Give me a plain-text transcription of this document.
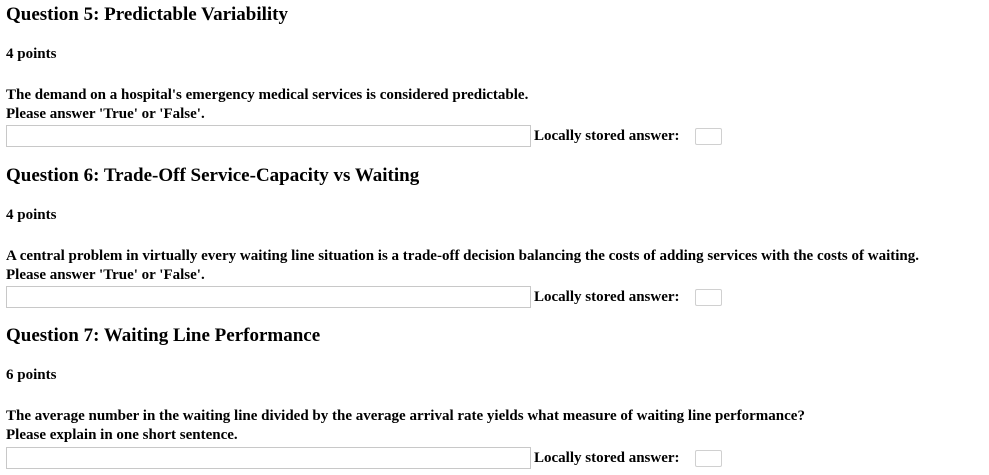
Question 5: Predictable Variability
4 points
The demand on a hospital's emergency medical services is considered predictable.
Please answer 'True' or 'False'.
Locally stored answer:
Question 6: Trade-Off Service-Capacity vs Waiting
4 points
A central problem in virtually every waiting line situation is a trade-off decision balancing the costs of adding services with the costs of waiting.
Please answer 'True' or 'False'.
Locally stored answer:
Question 7: Waiting Line Performance
6 points
The average number in the waiting line divided by the average arrival rate yields what measure of waiting line performance?
Please explain in one short sentence.
Locally stored answer:
